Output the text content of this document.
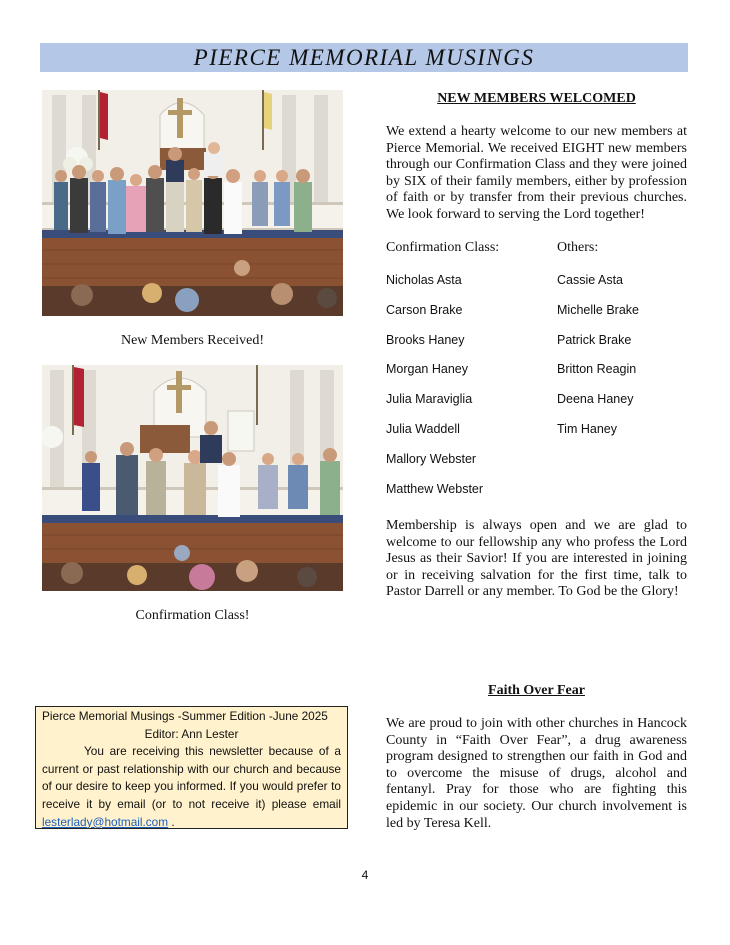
PIERCE MEMORIAL MUSINGS
New Members Received!
Confirmation Class!
NEW MEMBERS WELCOMED

We extend a hearty welcome to our new members at Pierce Memorial. We received EIGHT new members through our Confirmation Class and they were joined by SIX of their family members, either by profession of faith or by transfer from their previous churches. We look forward to serving the Lord together!

Confirmation Class:	Others:
Nicholas Asta
Carson Brake
Brooks Haney
Morgan Haney
Julia Maraviglia
Julia Waddell
Mallory Webster
Matthew Webster
Cassie Asta
Michelle Brake
Patrick Brake
Britton Reagin
Deena Haney
Tim Haney

Membership is always open and we are glad to welcome to our fellowship any who profess the Lord Jesus as their Savior! If you are interested in joining or in receiving salvation for the first time, talk to Pastor Darrell or any member. To God be the Glory!

Faith Over Fear

We are proud to join with other churches in Hancock County in “Faith Over Fear”, a drug awareness program designed to strengthen our faith in God and to overcome the misuse of drugs, alcohol and fentanyl. Pray for those who are fighting this epidemic in our society. Our church involvement is led by Teresa Kell.

Pierce Memorial Musings -Summer Edition -June 2025
Editor: Ann Lester
You are receiving this newsletter because of a current or past relationship with our church and because of our desire to keep you informed. If you would prefer to receive it by email (or to not receive it) please email lesterlady@hotmail.com .
4
